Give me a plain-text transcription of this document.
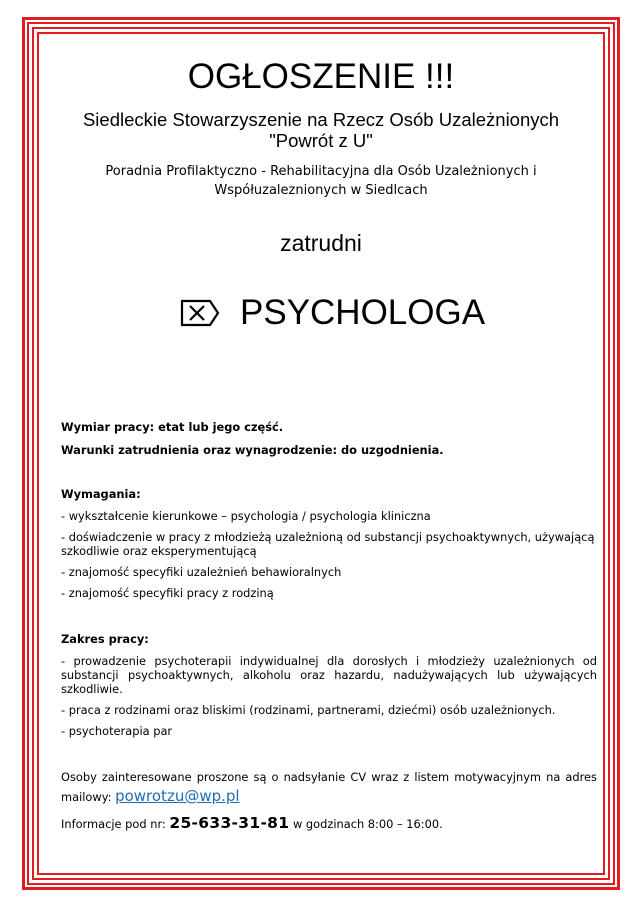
OGŁOSZENIE !!!
Siedleckie Stowarzyszenie na Rzecz Osób Uzależnionych
"Powrót z U"
Poradnia Profilaktyczno - Rehabilitacyjna dla Osób Uzależnionych i
Współuzaleznionych w Siedlcach
zatrudni
PSYCHOLOGA

Wymiar pracy: etat lub jego część.

Warunki zatrudnienia oraz wynagrodzenie: do uzgodnienia.

Wymagania:

- wykształcenie kierunkowe – psychologia / psychologia kliniczna

- doświadczenie w pracy z młodzieżą uzależnioną od substancji psychoaktywnych, używającą szkodliwie oraz eksperymentującą

- znajomość specyfiki uzależnień behawioralnych

- znajomość specyfiki pracy z rodziną

Zakres pracy:

- prowadzenie psychoterapii indywidualnej dla dorosłych i młodzieży uzależnionych od substancji psychoaktywnych, alkoholu oraz hazardu, nadużywających lub używających szkodliwie.

- praca z rodzinami oraz bliskimi (rodzinami, partnerami, dziećmi) osób uzależnionych.

- psychoterapia par

Osoby zainteresowane proszone są o nadsyłanie CV wraz z listem motywacyjnym na adres mailowy: powrotzu@wp.pl

Informacje pod nr: 25-633-31-81 w godzinach 8:00 – 16:00.
